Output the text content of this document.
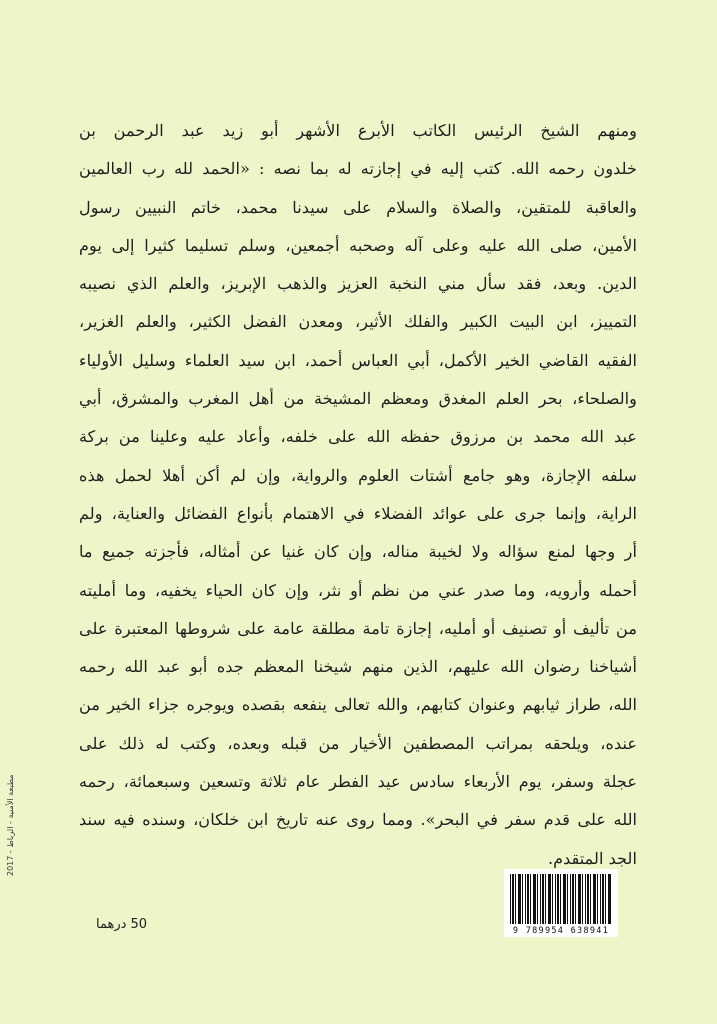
ومنهم الشيخ الرئيس الكاتب الأبرع الأشهر أبو زيد عبد الرحمن بن
خلدون رحمه الله. كتب إليه في إجازته له بما نصه : «الحمد لله رب العالمين
والعاقبة للمتقين، والصلاة والسلام على سيدنا محمد، خاتم النبيين رسول
الأمين، صلى الله عليه وعلى آله وصحبه أجمعين، وسلم تسليما كثيرا إلى يوم
الدين. وبعد، فقد سأل مني النخبة العزيز والذهب الإبريز، والعلم الذي نصيبه
التمييز، ابن البيت الكبير والفلك الأثير، ومعدن الفضل الكثير، والعلم الغزير،
الفقيه القاضي الخير الأكمل، أبي العباس أحمد، ابن سيد العلماء وسليل الأولياء
والصلحاء، بحر العلم المغدق ومعظم المشيخة من أهل المغرب والمشرق، أبي
عبد الله محمد بن مرزوق حفظه الله على خلفه، وأعاد عليه وعلينا من بركة
سلفه الإجازة، وهو جامع أشتات العلوم والرواية، وإن لم أكن أهلا لحمل هذه
الراية، وإنما جرى على عوائد الفضلاء في الاهتمام بأنواع الفضائل والعناية، ولم
أر وجها لمنع سؤاله ولا لخيبة مناله، وإن كان غنيا عن أمثاله، فأجزته جميع ما
أحمله وأرويه، وما صدر عني من نظم أو نثر، وإن كان الحياء يخفيه، وما أمليته
من تأليف أو تصنيف أو أمليه، إجازة تامة مطلقة عامة على شروطها المعتبرة على
أشياخنا رضوان الله عليهم، الذين منهم شيخنا المعظم جده أبو عبد الله رحمه
الله، طراز ثيابهم وعنوان كتابهم، والله تعالى ينفعه بقصده ويوجره جزاء الخير من
عنده، ويلحقه بمراتب المصطفين الأخيار من قبله وبعده، وكتب له ذلك على
عجلة وسفر، يوم الأربعاء سادس عيد الفطر عام ثلاثة وتسعين وسبعمائة، رحمه
الله على قدم سفر في البحر». ومما روى عنه تاريخ ابن خلكان، وسنده فيه سند
الجد المتقدم.
مطبعة الأمنية - الرباط - 2017
50 درهما	9 789954 638941
